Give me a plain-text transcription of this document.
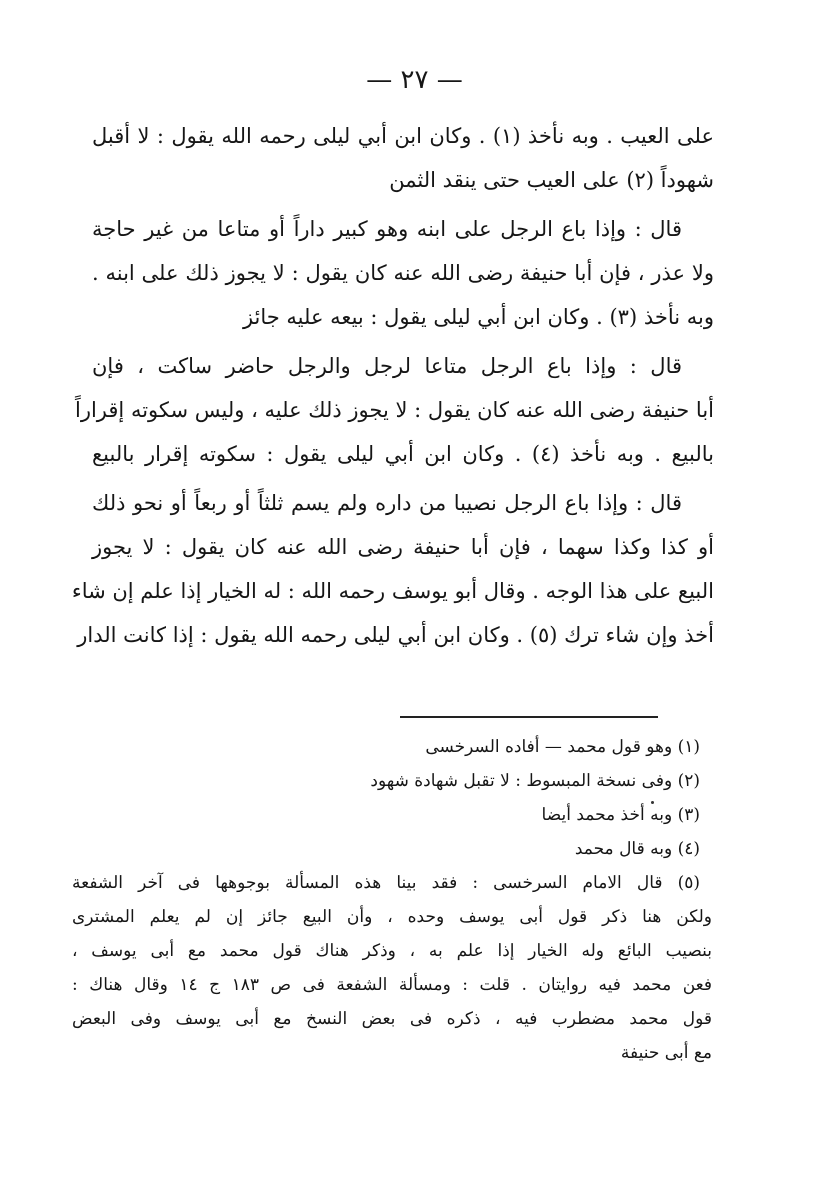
— ٢٧ —
على العيب . وبه نأخذ (١) . وكان ابن أبي ليلى رحمه الله يقول : لا أقبل
شهوداً (٢) على العيب حتى ينقد الثمن
قال : وإذا باع الرجل على ابنه وهو كبير داراً أو متاعا من غير حاجة
ولا عذر ، فإن أبا حنيفة رضى الله عنه كان يقول : لا يجوز ذلك على ابنه .
وبه نأخذ (٣) . وكان ابن أبي ليلى يقول : بيعه عليه جائز
قال : وإذا باع الرجل متاعا لرجل والرجل حاضر ساكت ، فإن
أبا حنيفة رضى الله عنه كان يقول : لا يجوز ذلك عليه ، وليس سكوته إقراراً
بالبيع . وبه نأخذ (٤) . وكان ابن أبي ليلى يقول : سكوته إقرار بالبيع
قال : وإذا باع الرجل نصيبا من داره ولم يسم ثلثاً أو ربعاً أو نحو ذلك
أو كذا وكذا سهما ، فإن أبا حنيفة رضى الله عنه كان يقول : لا يجوز
البيع على هذا الوجه . وقال أبو يوسف رحمه الله : له الخيار إذا علم إن شاء
أخذ وإن شاء ترك (٥) . وكان ابن أبي ليلى رحمه الله يقول : إذا كانت الدار
(١) وهو قول محمد — أفاده السرخسى
(٢) وفى نسخة المبسوط : لا تقبل شهادة شهود
(٣) وبه أخذ محمد أيضا
(٤) وبه قال محمد
(٥) قال الامام السرخسى : فقد بينا هذه المسألة بوجوهها فى آخر الشفعة
ولكن هنا ذكر قول أبى يوسف وحده ، وأن البيع جائز إن لم يعلم المشترى
بنصيب البائع وله الخيار إذا علم به ، وذكر هناك قول محمد مع أبى يوسف ،
فعن محمد فيه روايتان . قلت : ومسألة الشفعة فى ص ١٨٣ ج ١٤ وقال هناك :
قول محمد مضطرب فيه ، ذكره فى بعض النسخ مع أبى يوسف وفى البعض
مع أبى حنيفة
